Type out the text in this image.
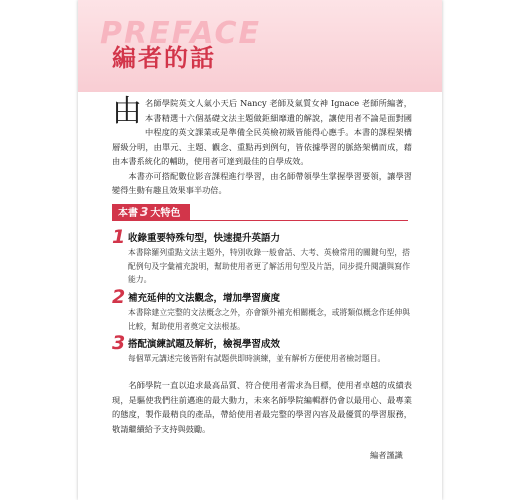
PREFACE
編者的話

由名師學院英文人氣小天后 Nancy 老師及氣質女神 Ignace 老師所編著，本書精選十六個基礎文法主題做鉅細靡遺的解說，讓使用者不論是面對國中程度的英文課業或是準備全民英檢初級皆能得心應手。本書的課程架構層級分明，由單元、主題、觀念、重點再到例句，皆依據學習的脈絡架構而成，藉由本書系統化的輔助，使用者可達到最佳的自學成效。

本書亦可搭配數位影音課程進行學習，由名師帶領學生掌握學習要領，讓學習變得生動有趣且效果事半功倍。

本書 3 大特色
1 收錄重要特殊句型，快速提升英語力
本書除羅列重點文法主題外，特別收錄一般會話、大考、英檢常用的關鍵句型，搭配例句及字彙補充說明，幫助使用者更了解活用句型及片語，同步提升閱讀與寫作能力。
2 補充延伸的文法觀念，增加學習廣度
本書除建立完整的文法概念之外，亦會額外補充相關概念，或將類似概念作延伸與比較，幫助使用者奠定文法根基。
3 搭配演練試題及解析，檢視學習成效
每個單元講述完後皆附有試題供即時演練，並有解析方便使用者檢討題目。

名師學院一直以追求最高品質、符合使用者需求為目標，使用者卓越的成績表現，是驅使我們往前邁進的最大動力，未來名師學院編輯群仍會以最用心、最專業的態度，製作最精良的產品，帶給使用者最完整的學習內容及最優質的學習服務，敬請繼續給予支持與鼓勵。

編者謹識
